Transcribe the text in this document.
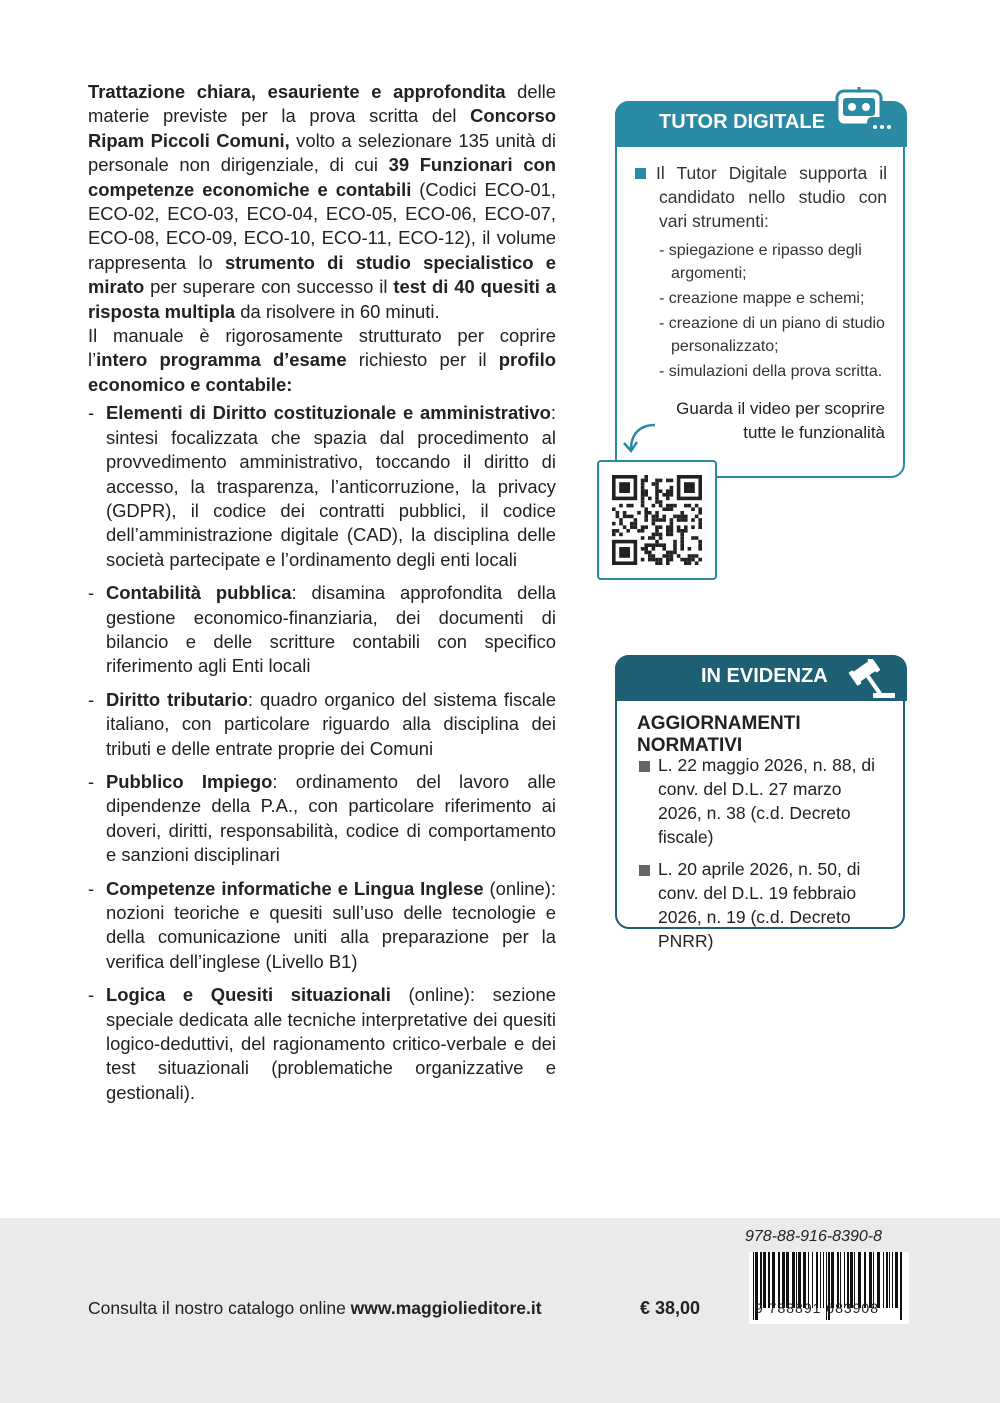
Trattazione chiara, esauriente e approfondita delle materie previste per la prova scritta del Concorso Ripam Piccoli Comuni, volto a selezionare 135 unità di personale non dirigenziale, di cui 39 Funzionari con competenze economiche e contabili (Codici ECO-01, ECO-02, ECO-03, ECO-04, ECO-05, ECO-06, ECO-07, ECO-08, ECO-09, ECO-10, ECO-11, ECO-12), il volume rappresenta lo strumento di studio specialistico e mirato per superare con successo il test di 40 quesiti a risposta multipla da risolvere in 60 minuti.

Il manuale è rigorosamente strutturato per coprire l’intero programma d’esame richiesto per il profilo economico e contabile:

- Elementi di Diritto costituzionale e amministrativo: sintesi focalizzata che spazia dal procedimento al provvedimento amministrativo, toccando il diritto di accesso, la trasparenza, l’anticorruzione, la privacy (GDPR), il codice dei contratti pubblici, il codice dell’amministrazione digitale (CAD), la disciplina delle società partecipate e l’ordinamento degli enti locali
- Contabilità pubblica: disamina approfondita della gestione economico-finanziaria, dei documenti di bilancio e delle scritture contabili con specifico riferimento agli Enti locali
- Diritto tributario: quadro organico del sistema fiscale italiano, con particolare riguardo alla disciplina dei tributi e delle entrate proprie dei Comuni
- Pubblico Impiego: ordinamento del lavoro alle dipendenze della P.A., con particolare riferimento ai doveri, diritti, responsabilità, codice di comportamento e sanzioni disciplinari
- Competenze informatiche e Lingua Inglese (online): nozioni teoriche e quesiti sull’uso delle tecnologie e della comunicazione uniti alla preparazione per la verifica dell’inglese (Livello B1)
- Logica e Quesiti situazionali (online): sezione speciale dedicata alle tecniche interpretative dei quesiti logico-deduttivi, del ragionamento critico-verbale e dei test situazionali (problematiche organizzative e gestionali).
TUTOR DIGITALE
Il Tutor Digitale supporta il candidato nello studio con vari strumenti:
- spiegazione e ripasso degli argomenti;
- creazione mappe e schemi;
- creazione di un piano di studio personalizzato;
- simulazioni della prova scritta.
Guarda il video per scoprire tutte le funzionalità
IN EVIDENZA
AGGIORNAMENTI NORMATIVI
L. 22 maggio 2026, n. 88, di conv. del D.L. 27 marzo 2026, n. 38 (c.d. Decreto fiscale)
L. 20 aprile 2026, n. 50, di conv. del D.L. 19 febbraio 2026, n. 19 (c.d. Decreto PNRR)
Consulta il nostro catalogo online www.maggiolieditore.it	€ 38,00
978-88-916-8390-8
9 788891 683908
